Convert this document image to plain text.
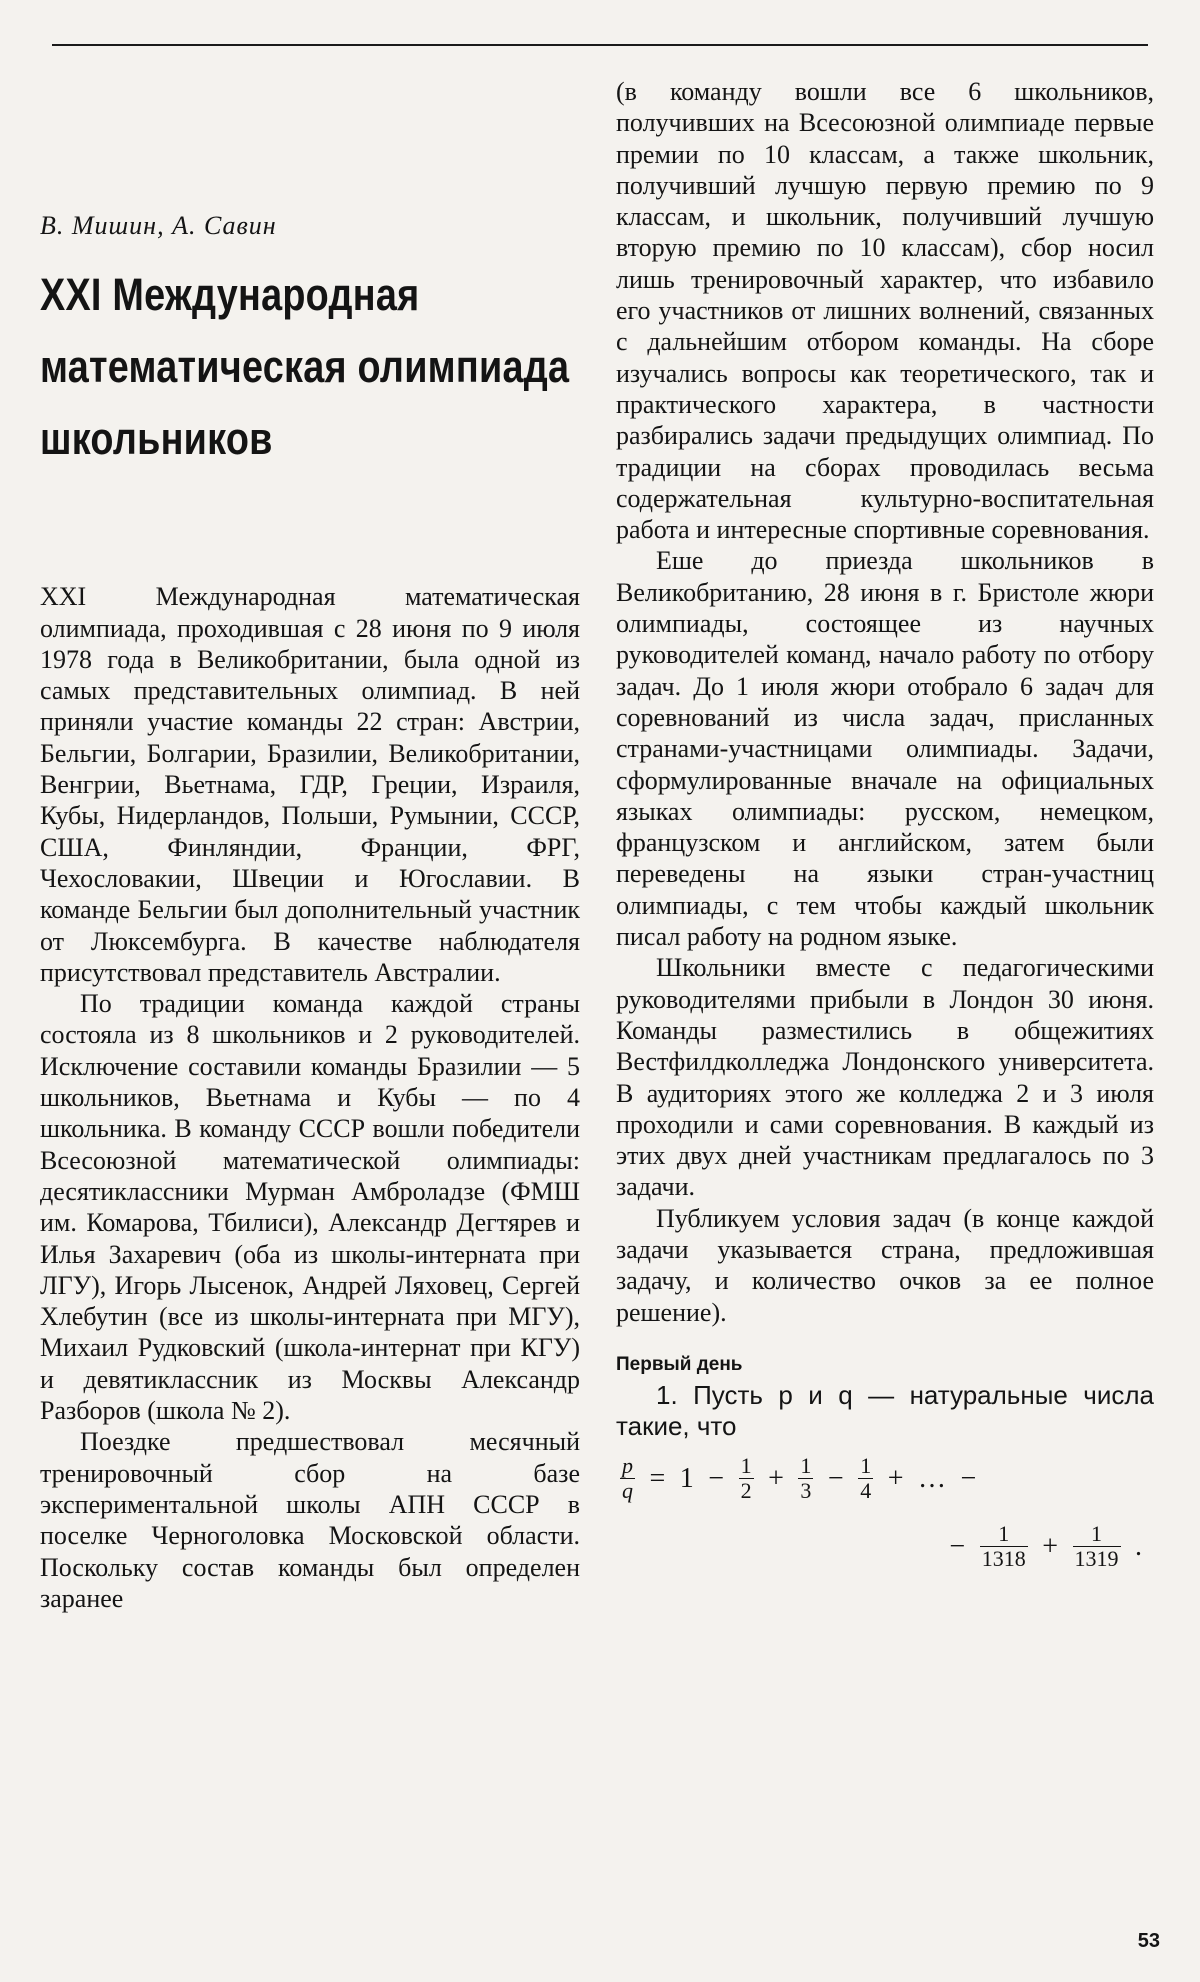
В. Мишин, А. Савин

XXI Международная математическая олимпиада школьников

XXI Международная математическая олимпиада, проходившая с 28 июня по 9 июля 1978 года в Великобритании, была одной из самых представительных олимпиад. В ней приняли участие команды 22 стран: Австрии, Бельгии, Болгарии, Бразилии, Великобритании, Венгрии, Вьетнама, ГДР, Греции, Израиля, Кубы, Нидерландов, Польши, Румынии, СССР, США, Финляндии, Франции, ФРГ, Чехословакии, Швеции и Югославии. В команде Бельгии был дополнительный участник от Люксембурга. В качестве наблюдателя присутствовал представитель Австралии.

По традиции команда каждой страны состояла из 8 школьников и 2 руководителей. Исключение составили команды Бразилии — 5 школьников, Вьетнама и Кубы — по 4 школьника. В команду СССР вошли победители Всесоюзной математической олимпиады: десятиклассники Мурман Амброладзе (ФМШ им. Комарова, Тбилиси), Александр Дегтярев и Илья Захаревич (оба из школы-интерната при ЛГУ), Игорь Лысенок, Андрей Ляховец, Сергей Хлебутин (все из школы-интерната при МГУ), Михаил Рудковский (школа-интернат при КГУ) и девятиклассник из Москвы Александр Разборов (школа № 2).

Поездке предшествовал месячный тренировочный сбор на базе экспериментальной школы АПН СССР в поселке Черноголовка Московской области. Поскольку состав команды был определен заранее

(в команду вошли все 6 школьников, получивших на Всесоюзной олимпиаде первые премии по 10 классам, а также школьник, получивший лучшую первую премию по 9 классам, и школьник, получивший лучшую вторую премию по 10 классам), сбор носил лишь тренировочный характер, что избавило его участников от лишних волнений, связанных с дальнейшим отбором команды. На сборе изучались вопросы как теоретического, так и практического характера, в частности разбирались задачи предыдущих олимпиад. По традиции на сборах проводилась весьма содержательная культурно-воспитательная работа и интересные спортивные соревнования.

Еше до приезда школьников в Великобританию, 28 июня в г. Бристоле жюри олимпиады, состоящее из научных руководителей команд, начало работу по отбору задач. До 1 июля жюри отобрало 6 задач для соревнований из числа задач, присланных странами-участницами олимпиады. Задачи, сформулированные вначале на официальных языках олимпиады: русском, немецком, французском и английском, затем были переведены на языки стран-участниц олимпиады, с тем чтобы каждый школьник писал работу на родном языке.

Школьники вместе с педагогическими руководителями прибыли в Лондон 30 июня. Команды разместились в общежитиях Вестфилдколледжа Лондонского университета. В аудиториях этого же колледжа 2 и 3 июля проходили и сами соревнования. В каждый из этих двух дней участникам предлагалось по 3 задачи.

Публикуем условия задач (в конце каждой задачи указывается страна, предложившая задачу, и количество очков за ее полное решение).

Первый день

1. Пусть p и q — натуральные числа такие, что

$\frac{p}{q} = 1 - \frac{1}{2} + \frac{1}{3} - \frac{1}{4}$ + … −
− $\frac{1}{1318} + \frac{1}{1319}$ .
53
